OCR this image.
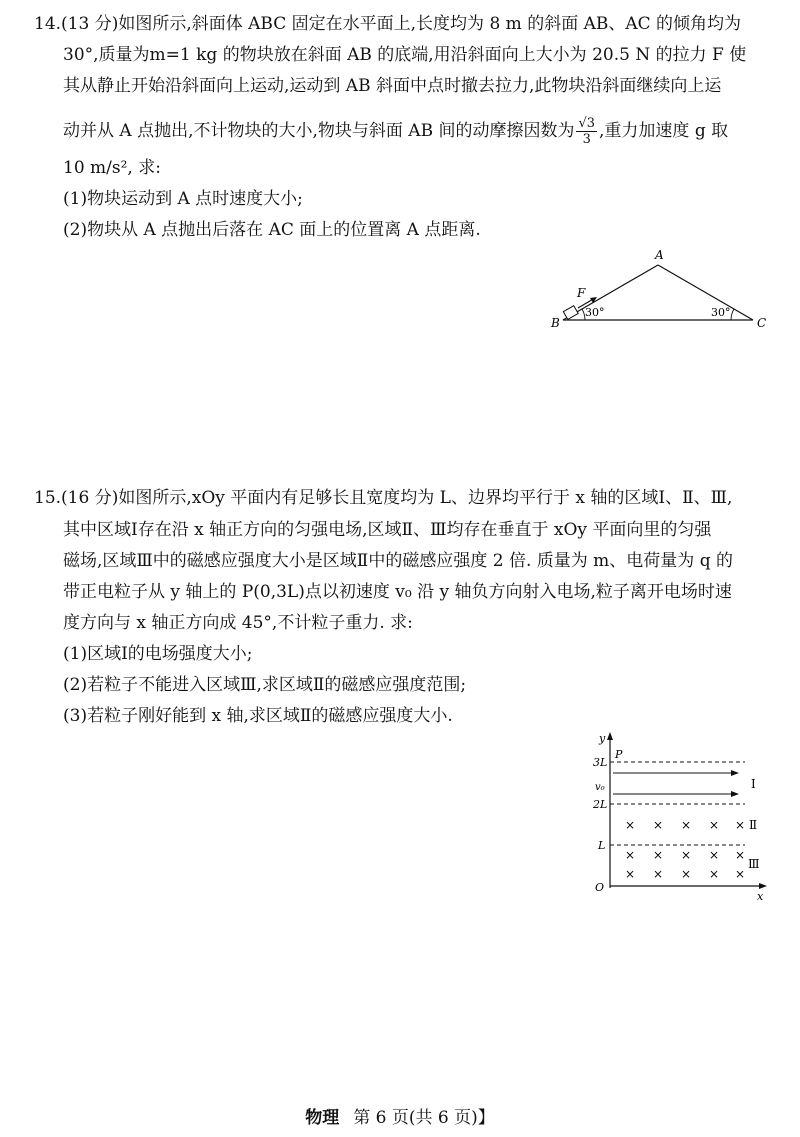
14.(13 分)如图所示,斜面体 ABC 固定在水平面上,长度均为 8 m 的斜面 AB、AC 的倾角均为
30°,质量为m=1 kg 的物块放在斜面 AB 的底端,用沿斜面向上大小为 20.5 N 的拉力 F 使
其从静止开始沿斜面向上运动,运动到 AB 斜面中点时撤去拉力,此物块沿斜面继续向上运
动并从 A 点抛出,不计物块的大小,物块与斜面 AB 间的动摩擦因数为 $\frac{√3}{3}$ ,重力加速度 g 取
10 m/s², 求:
(1)物块运动到 A 点时速度大小;
(2)物块从 A 点抛出后落在 AC 面上的位置离 A 点距离.
A
B	C
F
30°	30°
15.(16 分)如图所示,xOy 平面内有足够长且宽度均为 L、边界均平行于 x 轴的区域Ⅰ、Ⅱ、Ⅲ,
其中区域Ⅰ存在沿 x 轴正方向的匀强电场,区域Ⅱ、Ⅲ均存在垂直于 xOy 平面向里的匀强
磁场,区域Ⅲ中的磁感应强度大小是区域Ⅱ中的磁感应强度 2 倍. 质量为 m、电荷量为 q 的
带正电粒子从 y 轴上的 P(0,3L)点以初速度 v₀ 沿 y 轴负方向射入电场,粒子离开电场时速
度方向与 x 轴正方向成 45°,不计粒子重力. 求:
(1)区域Ⅰ的电场强度大小;
(2)若粒子不能进入区域Ⅲ,求区域Ⅱ的磁感应强度范围;
(3)若粒子刚好能到 x 轴,求区域Ⅱ的磁感应强度大小.
3L
2L
L
O
y
x
P
v₀	Ⅰ
Ⅱ
Ⅲ
× × × × ×
× × × × ×
× × × × ×
物理 第 6 页(共 6 页)】
